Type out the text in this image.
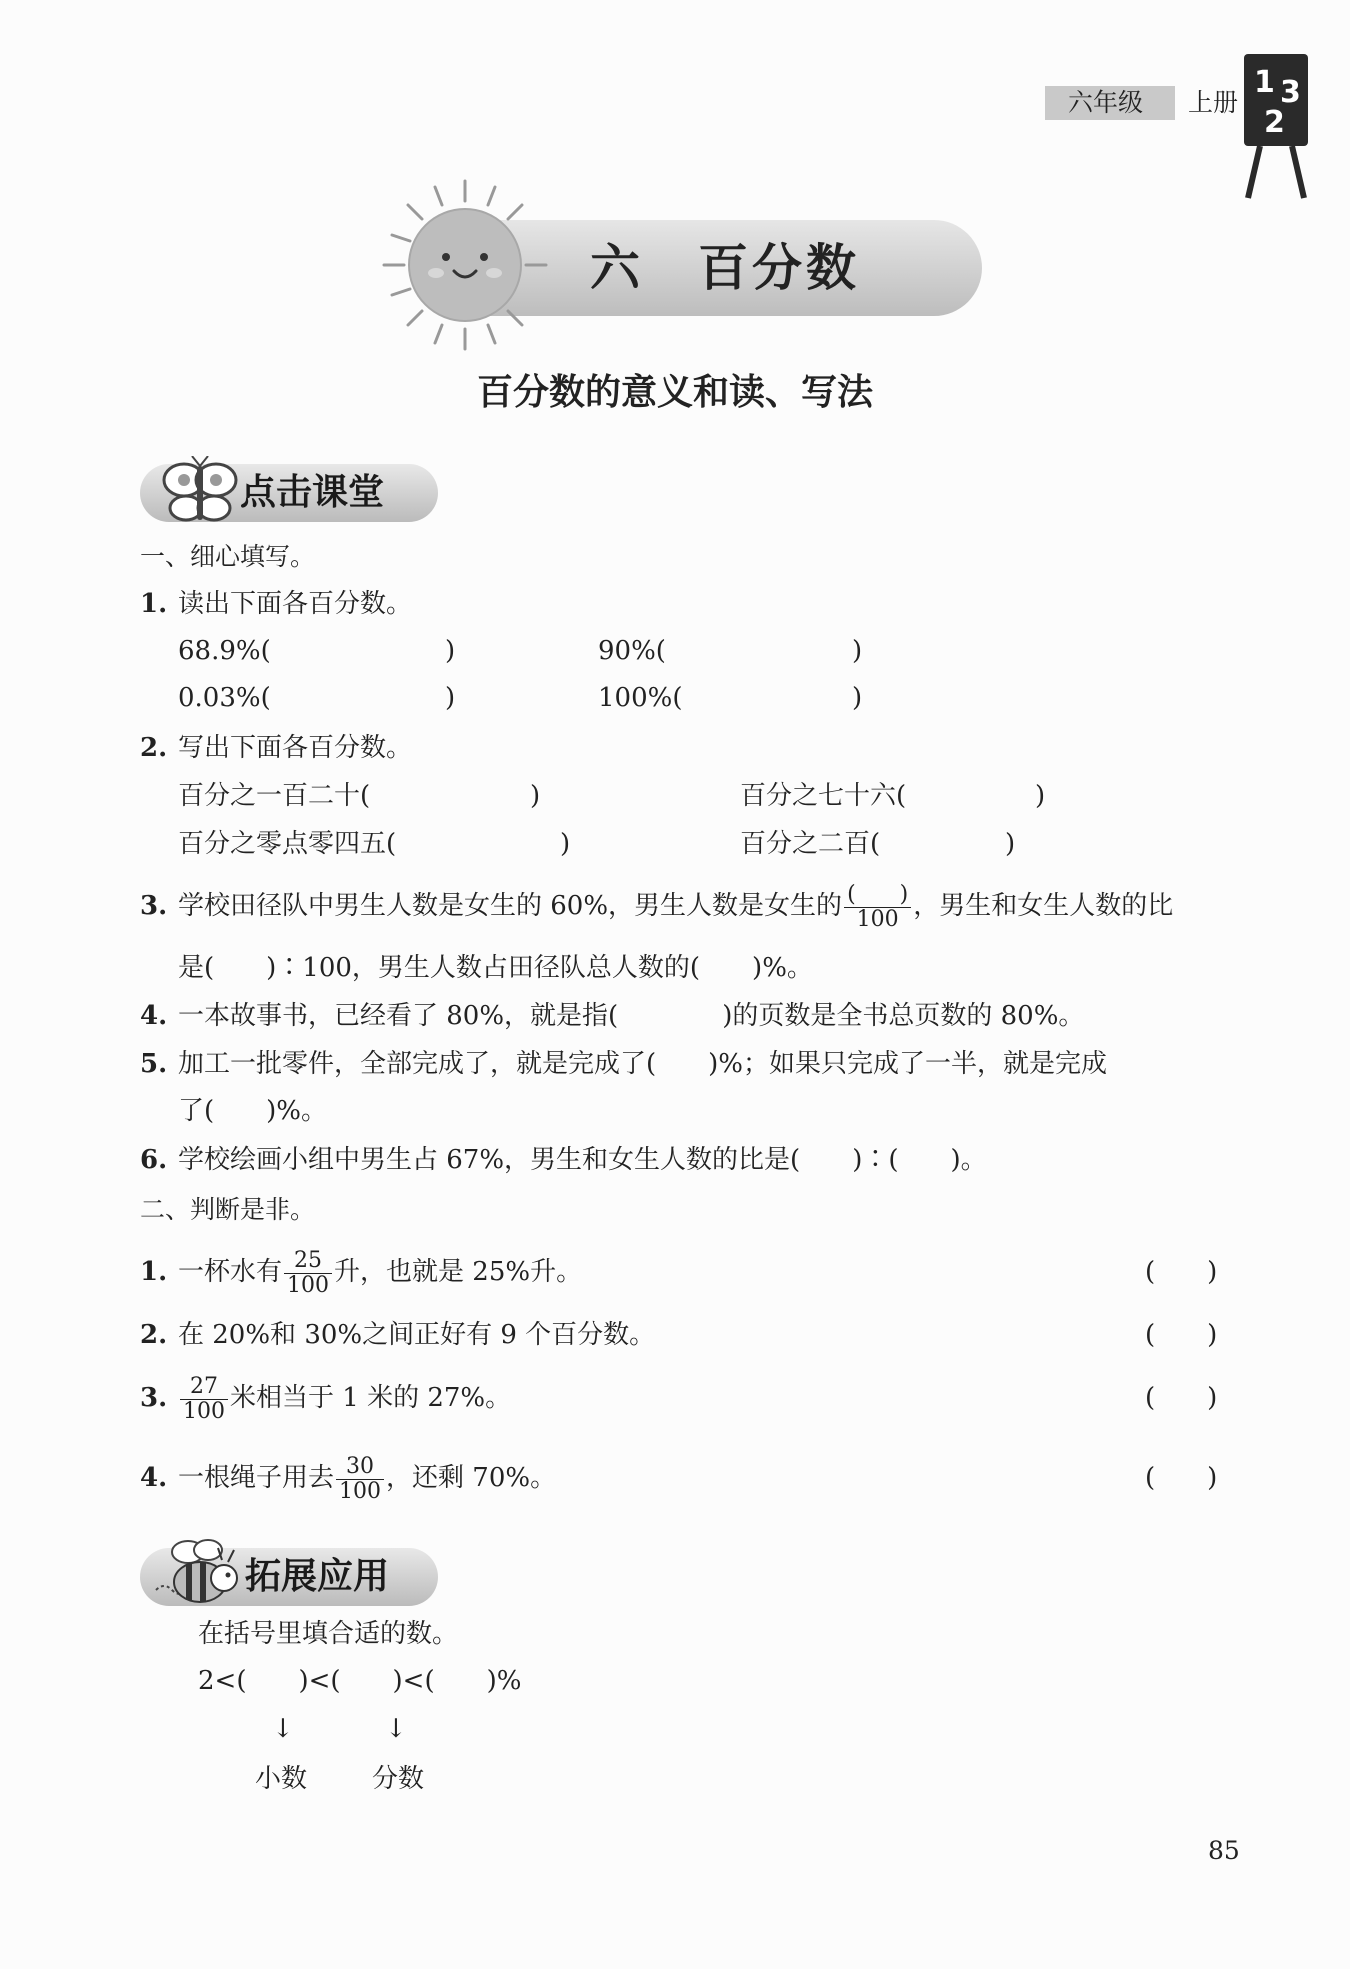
六年级 上册
1 3
2
六　百分数
百分数的意义和读、写法
点击课堂
一、细心填写。
1. 读出下面各百分数。
68.9%(	)	90%(	)
0.03%(	)	100%(	)
2. 写出下面各百分数。
百分之一百二十(	)	百分之七十六(	)
百分之零点零四五(	)	百分之二百(	)
3. 学校田径队中男生人数是女生的 60%，男生人数是女生的 $\frac{( )}{100}$ ，男生和女生人数的比
是(　　)∶100，男生人数占田径队总人数的(　　)%。
4. 一本故事书，已经看了 80%，就是指(　　　　)的页数是全书总页数的 80%。
5. 加工一批零件，全部完成了，就是完成了(　　)%；如果只完成了一半，就是完成
了(　　)%。
6. 学校绘画小组中男生占 67%，男生和女生人数的比是(　　)∶(　　)。
二、判断是非。
1. 一杯水有 $\frac{25}{100}$ 升，也就是 25%升。	(　　)
2. 在 20%和 30%之间正好有 9 个百分数。	(　　)
3. $\frac{27}{100}$ 米相当于 1 米的 27%。	(　　)
4. 一根绳子用去 $\frac{30}{100}$ ，还剩 70%。	(　　)
拓展应用
在括号里填合适的数。
2<(　　)<(　　)<(　　)%
↓	↓
小数 分数
85
